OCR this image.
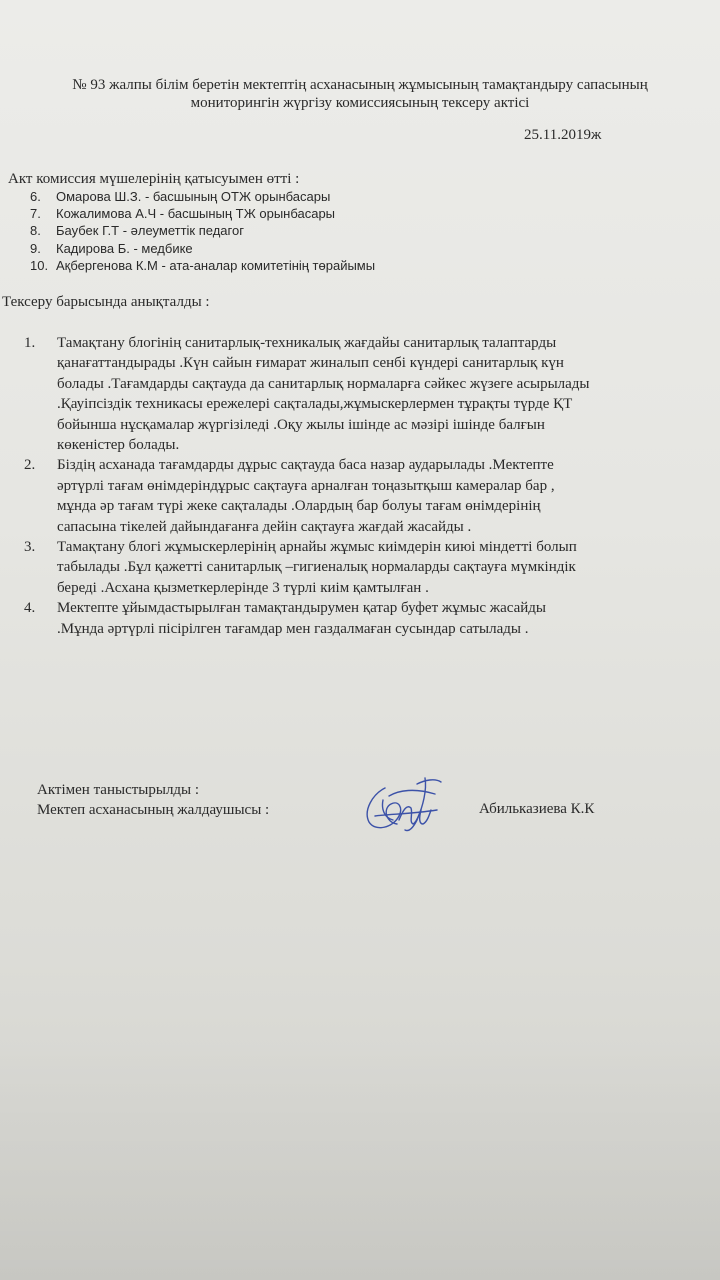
№ 93 жалпы білім беретін мектептің асханасының жұмысының тамақтандыру сапасының
мониторингін жүргізу комиссиясының тексеру актісі
25.11.2019ж
Акт комиссия мүшелерінің қатысуымен өтті :
6.	Омарова Ш.З. - басшының ОТЖ орынбасары
7.	Кожалимова А.Ч - басшының ТЖ орынбасары
8.	Баубек Г.Т - әлеуметтік педагог
9.	Кадирова Б. - медбике
10. Ақбергенова К.М - ата-аналар комитетінің төрайымы
Тексеру барысында анықталды :
1. Тамақтану блогінің санитарлық-техникалық жағдайы санитарлық талаптарды
қанағаттандырады .Күн сайын ғимарат жиналып сенбі күндері санитарлық күн
болады .Тағамдарды сақтауда да санитарлық нормаларға сәйкес жүзеге асырылады
.Қауіпсіздік техникасы ережелері сақталады,жұмыскерлермен тұрақты түрде ҚТ
бойынша нұсқамалар жүргізіледі .Оқу жылы ішінде ас мәзірі ішінде балғын
көкеністер болады.
2. Біздің асханада тағамдарды дұрыс сақтауда баса назар аударылады .Мектепте
әртүрлі тағам өнімдеріндұрыс сақтауға арналған тоңазытқыш камералар бар ,
мұнда әр тағам түрі жеке сақталады .Олардың бар болуы тағам өнімдерінің
сапасына тікелей дайындағанға дейін сақтауға жағдай жасайды .
3. Тамақтану блогі жұмыскерлерінің арнайы жұмыс киімдерін киюі міндетті болып
табылады .Бұл қажетті санитарлық –гигиеналық нормаларды сақтауға мүмкіндік
береді .Асхана қызметкерлерінде 3 түрлі киім қамтылған .
4. Мектепте ұйымдастырылған тамақтандырумен қатар буфет жұмыс жасайды
.Мұнда әртүрлі пісірілген тағамдар мен газдалмаған сусындар сатылады .
Актімен таныстырылды :
Мектеп асханасының жалдаушысы :	Абильказиева К.К
